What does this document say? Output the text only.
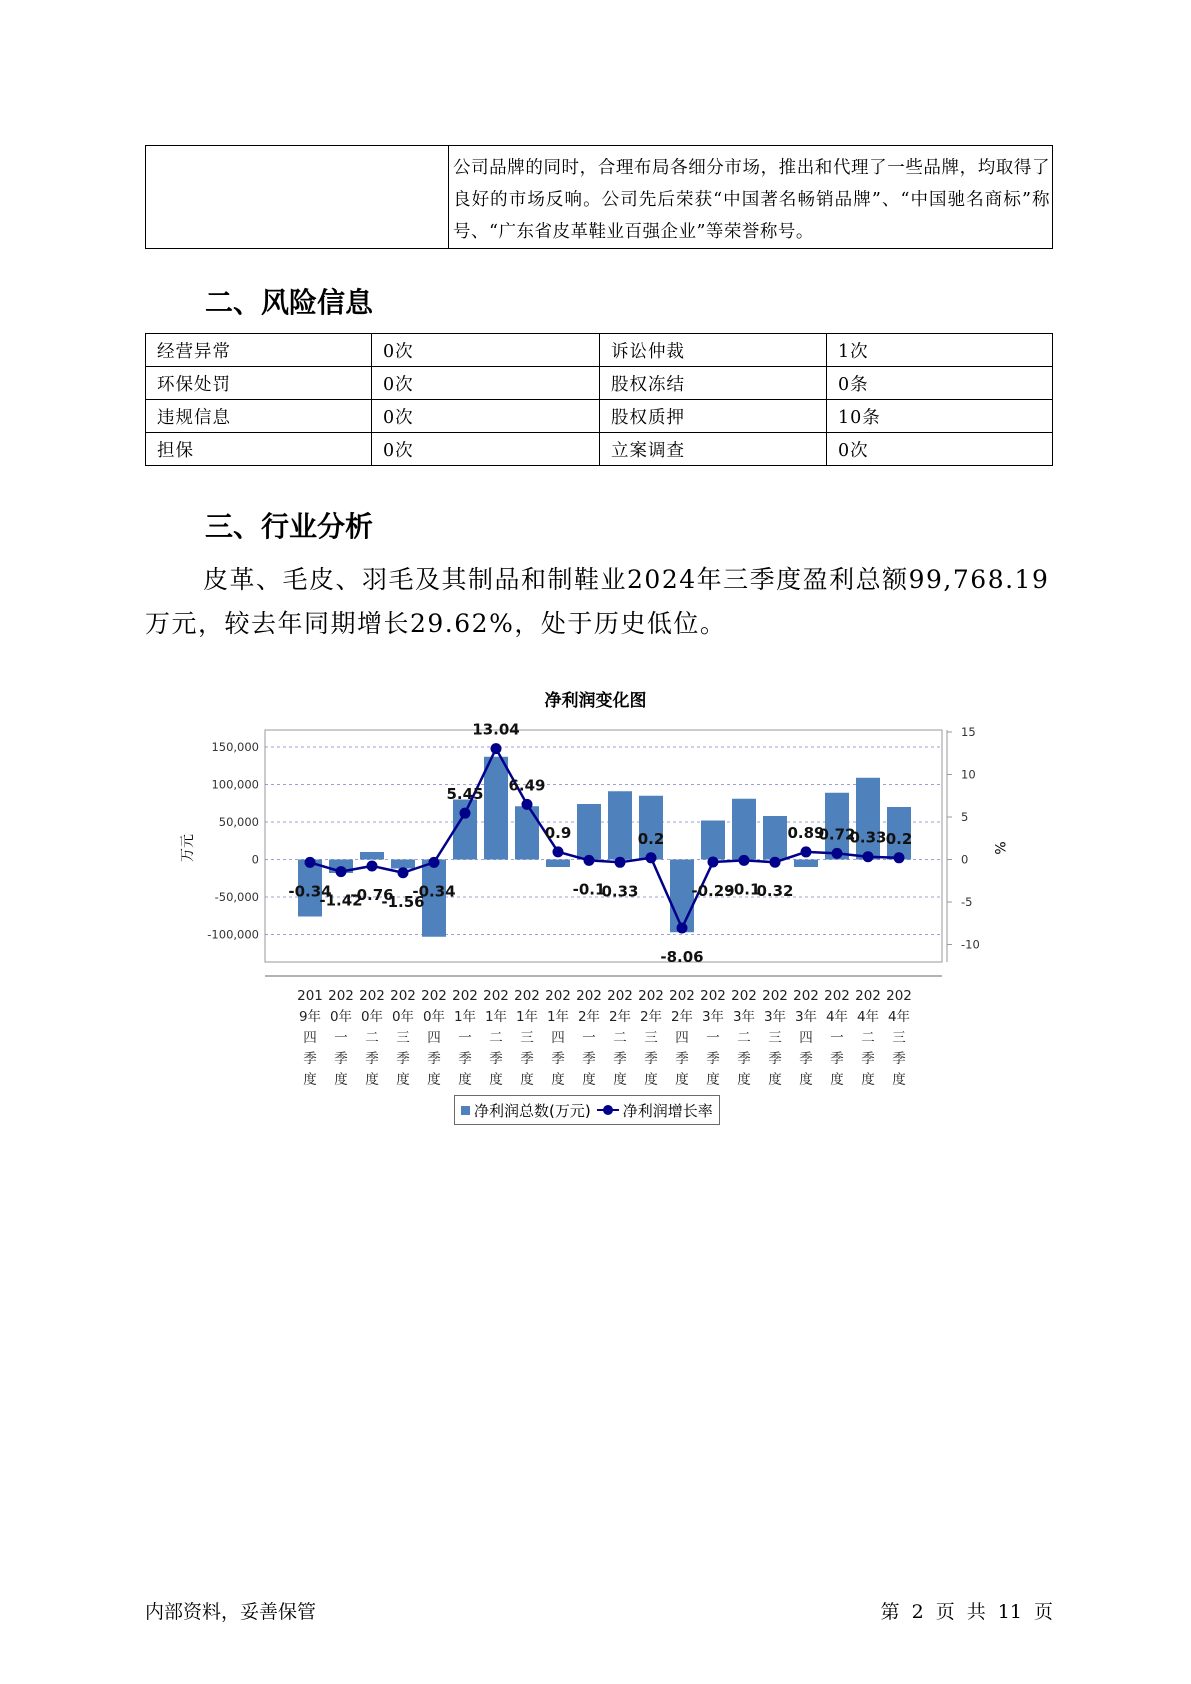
	公司品牌的同时，合理布局各细分市场，推出和代理了一些品牌，均取得了良好的市场反响。公司先后荣获“中国著名畅销品牌”、“中国驰名商标”称号、“广东省皮革鞋业百强企业”等荣誉称号。
二、风险信息
经营异常	0次	诉讼仲裁	1次
环保处罚	0次	股权冻结	0条
违规信息	0次	股权质押	10条
担保	0次	立案调查	0次
三、行业分析

皮革、毛皮、羽毛及其制品和制鞋业2024年三季度盈利总额99,768.19万元，较去年同期增长29.62%，处于历史低位。

净利润变化图
150,000
100,000
50,000
0
-50,000
-100,000
15
10
5
0
-5
-10
万元	%
-0.34
-1.42
-0.76
-1.56
-0.34
5.45
13.04
6.49
0.9
-0.1
0.33
0.2
-8.06
-0.29
-0.1
0.32
0.89
0.72
0.33 0.2
201
9年
四
季
度
202
0年
一
季
度
202
0年
二
季
度
202
0年
三
季
度
202
0年
四
季
度
202
1年
一
季
度
202
1年
二
季
度
202
1年
三
季
度
202
1年
四
季
度
202
2年
一
季
度
202
2年
二
季
度
202
2年
三
季
度
202
2年
四
季
度
202
3年
一
季
度
202
3年
二
季
度
202
3年
三
季
度
202
3年
四
季
度
202
4年
一
季
度
202
4年
二
季
度
202
4年
三
季
度
净利润总数(万元) 净利润增长率
内部资料，妥善保管	第 2 页 共 11 页
